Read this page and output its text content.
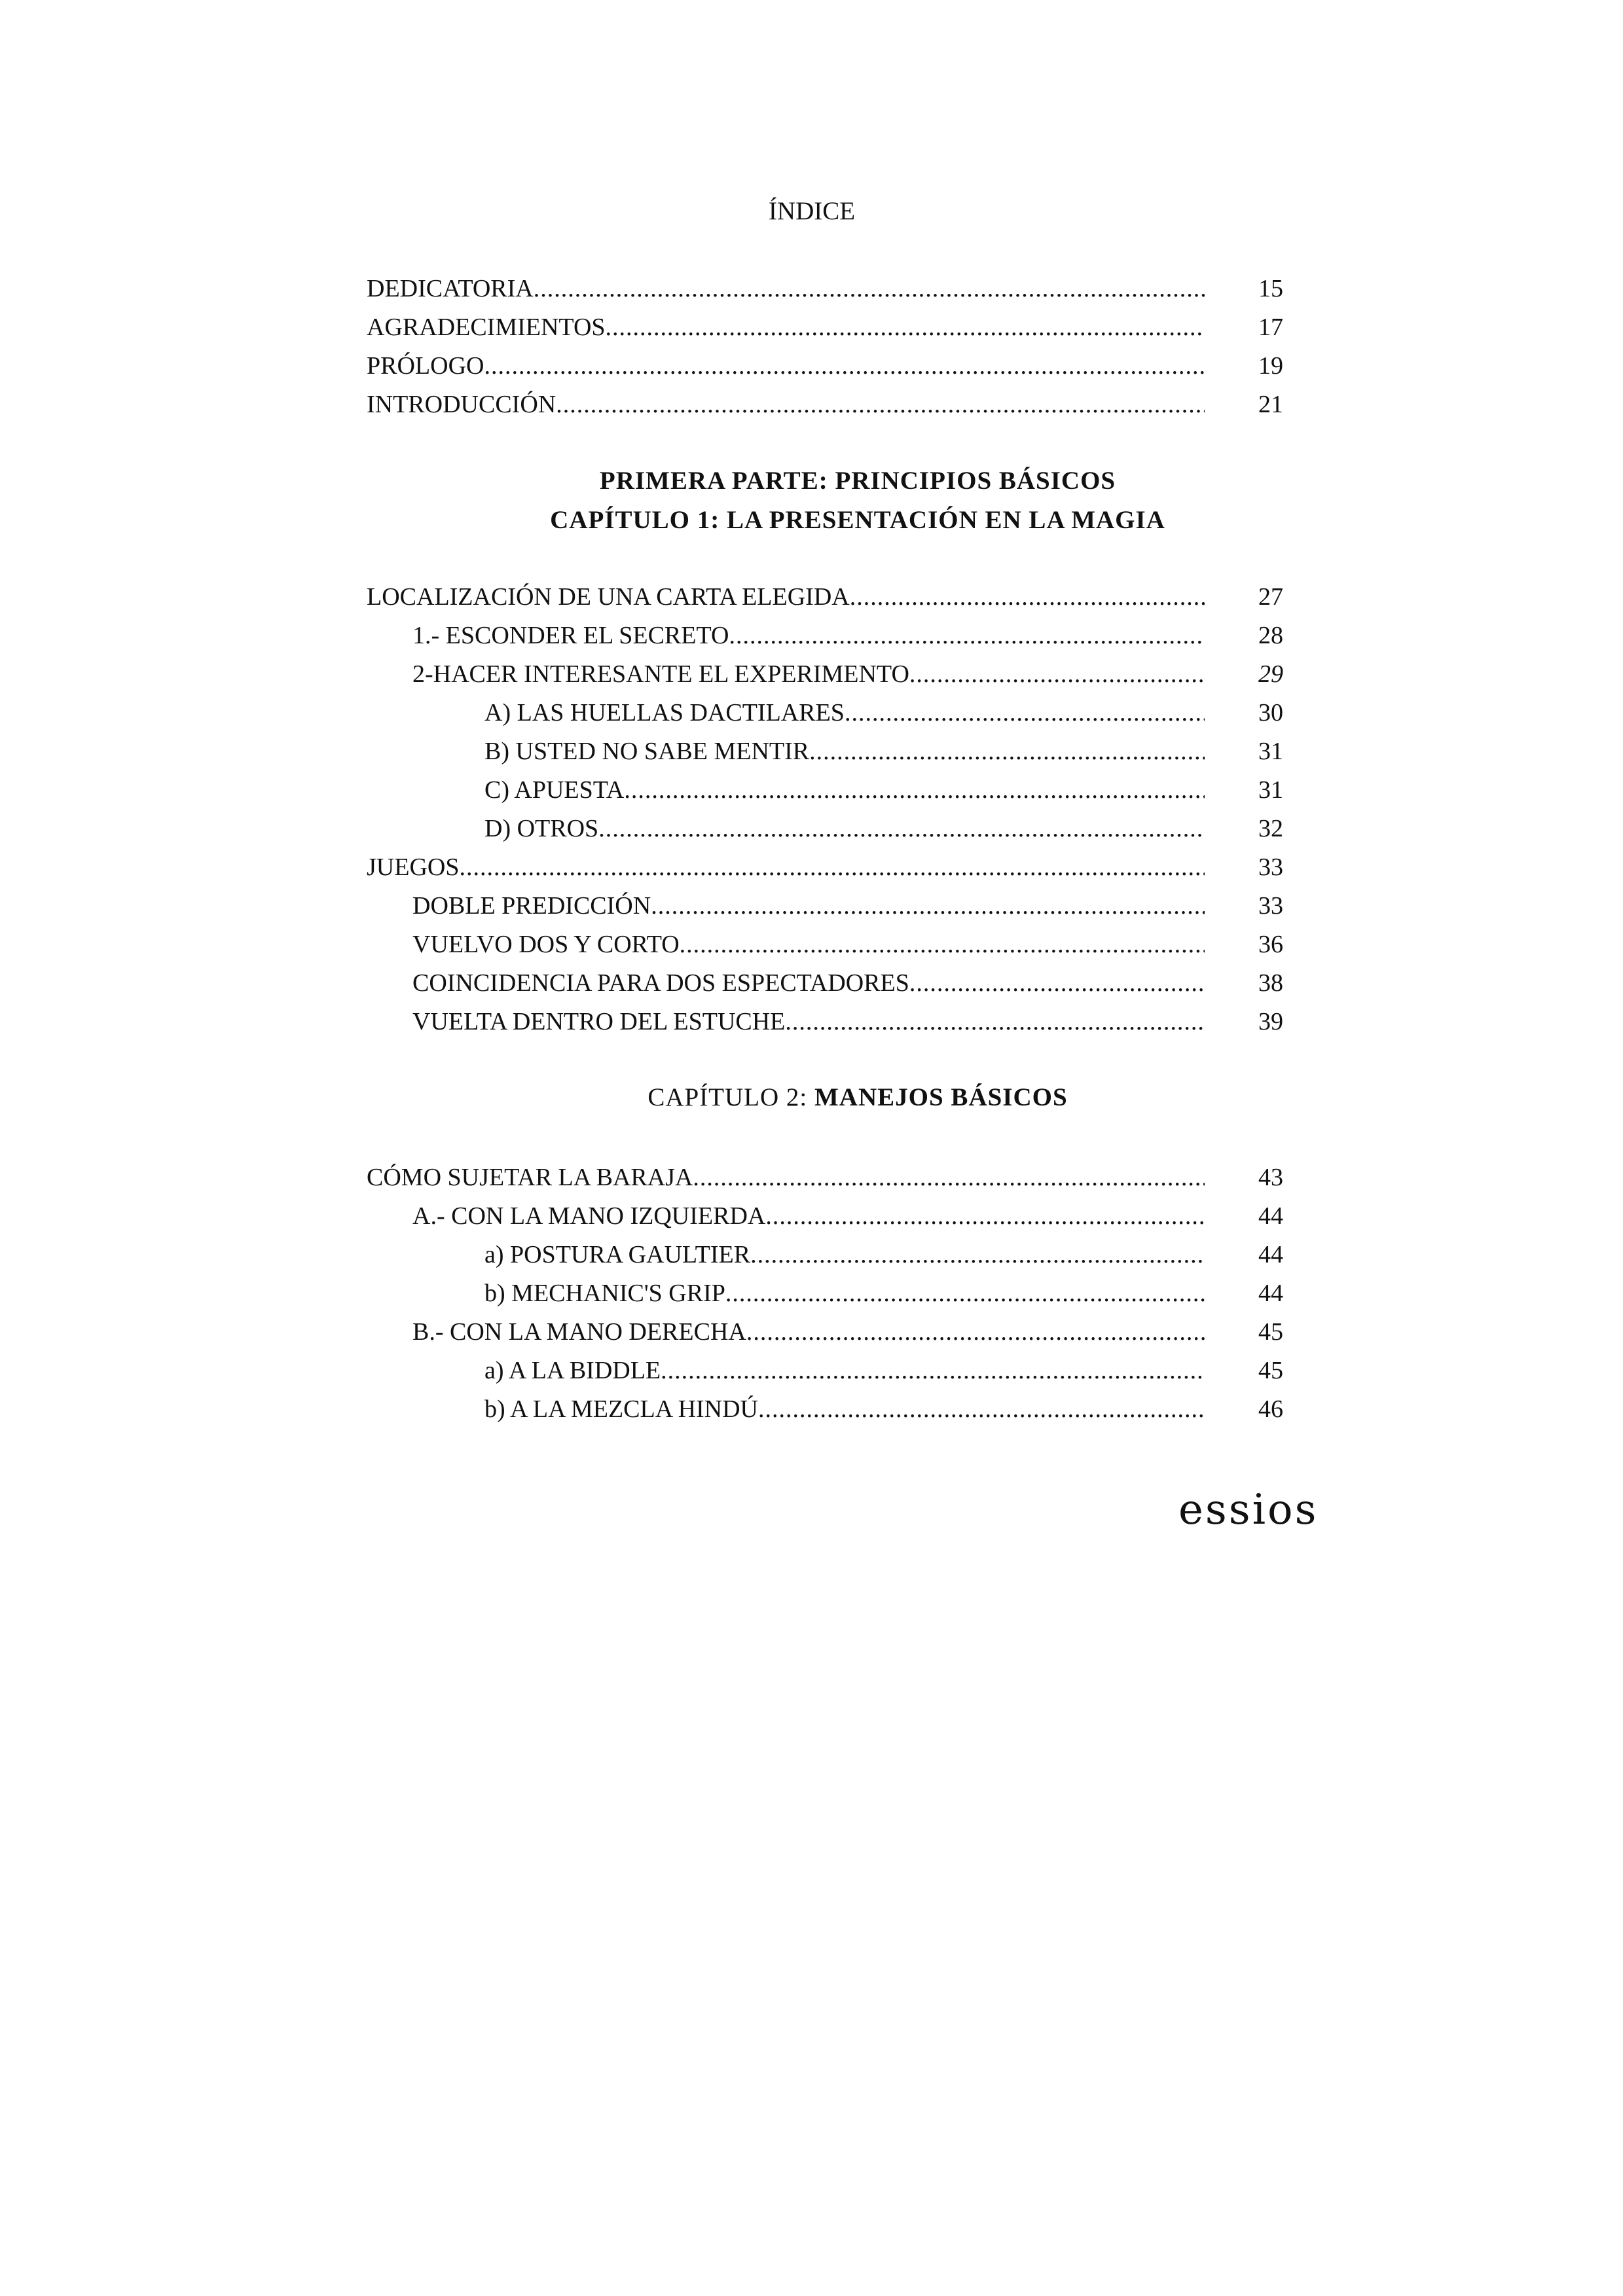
ÍNDICE
DEDICATORIA .....	15
AGRADECIMIENTOS .....	17
PRÓLOGO .....	19
INTRODUCCIÓN .....	21
PRIMERA PARTE: PRINCIPIOS BÁSICOS
CAPÍTULO 1: LA PRESENTACIÓN EN LA MAGIA
LOCALIZACIÓN DE UNA CARTA ELEGIDA .....	27
1.- ESCONDER EL SECRETO .....	28
2-HACER INTERESANTE EL EXPERIMENTO .....	29
A) LAS HUELLAS DACTILARES .....	30
B) USTED NO SABE MENTIR .....	31
C) APUESTA .....	31
D) OTROS .....	32
JUEGOS .....	33
DOBLE PREDICCIÓN .....	33
VUELVO DOS Y CORTO .....	36
COINCIDENCIA PARA DOS ESPECTADORES .....	38
VUELTA DENTRO DEL ESTUCHE .....	39
CAPÍTULO 2: MANEJOS BÁSICOS
CÓMO SUJETAR LA BARAJA .....	43
A.- CON LA MANO IZQUIERDA .....	44
a) POSTURA GAULTIER .....	44
b) MECHANIC'S GRIP .....	44
B.- CON LA MANO DERECHA .....	45
a) A LA BIDDLE .....	45
b) A LA MEZCLA HINDÚ .....	46
essios
